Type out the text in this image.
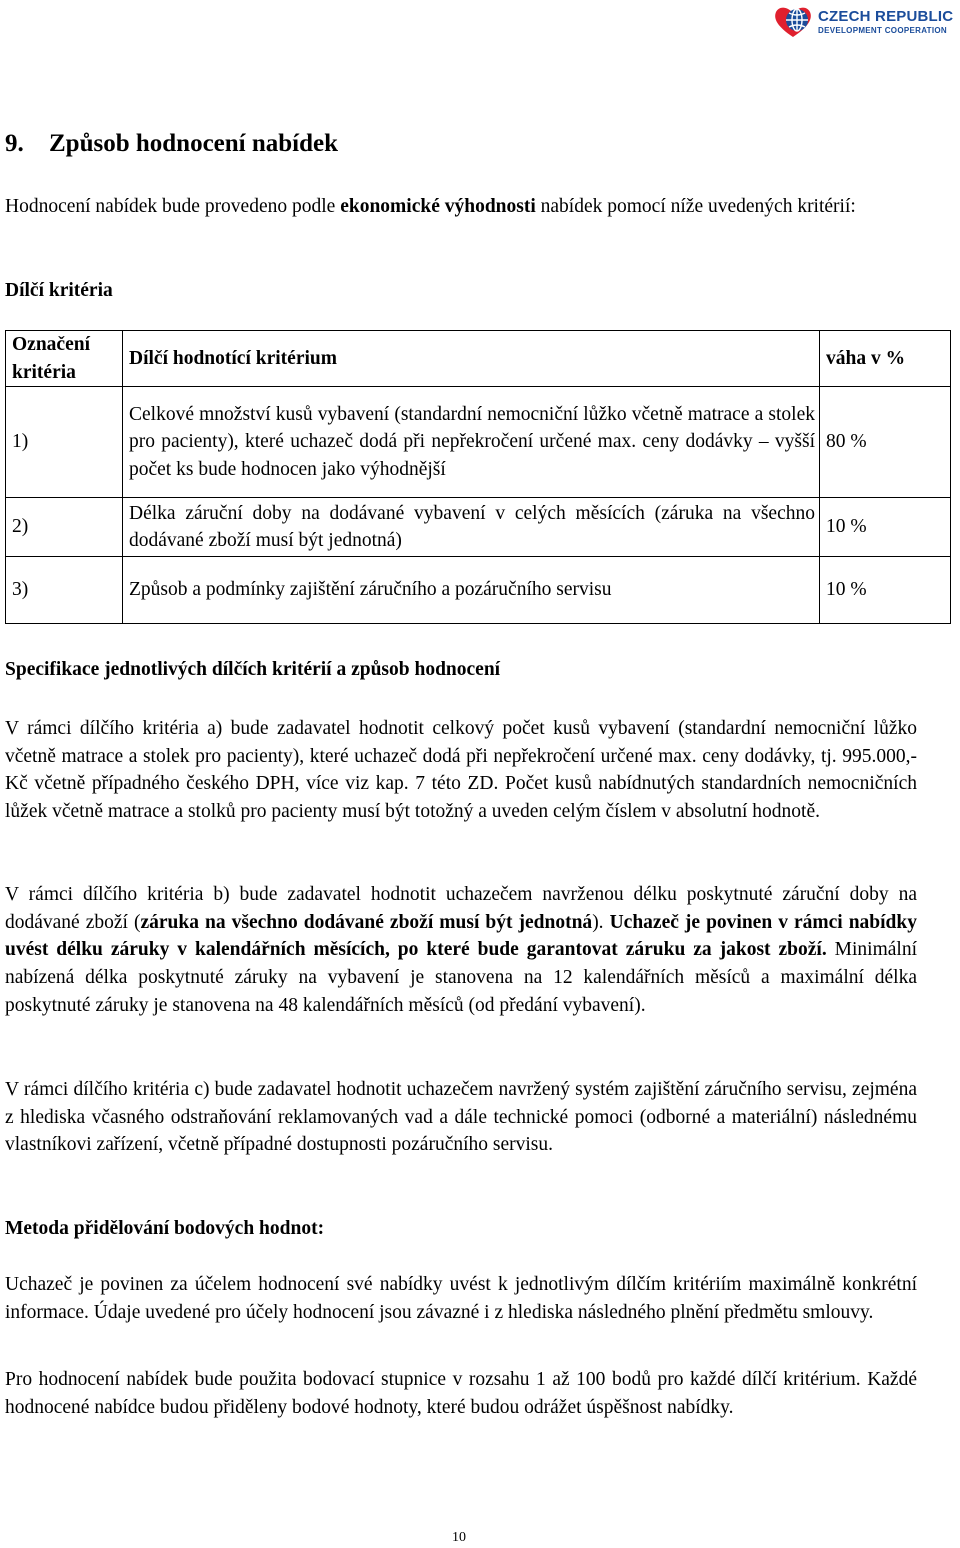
CZECH REPUBLIC
DEVELOPMENT COOPERATION
9. Způsob hodnocení nabídek

Hodnocení nabídek bude provedeno podle ekonomické výhodnosti nabídek pomocí níže uvedených kritérií:

Dílčí kritéria

Označení kritéria	Dílčí hodnotící kritérium	váha v %
1)	Celkové množství kusů vybavení (standardní nemocniční lůžko včetně matrace a stolek pro pacienty), které uchazeč dodá při nepřekročení určené max. ceny dodávky – vyšší počet ks bude hodnocen jako výhodnější	80 %
2)	Délka záruční doby na dodávané vybavení v celých měsících (záruka na všechno dodávané zboží musí být jednotná)	10 %
3)	Způsob a podmínky zajištění záručního a pozáručního servisu	10 %

Specifikace jednotlivých dílčích kritérií a způsob hodnocení

V rámci dílčího kritéria a) bude zadavatel hodnotit celkový počet kusů vybavení (standardní nemocniční lůžko včetně matrace a stolek pro pacienty), které uchazeč dodá při nepřekročení určené max. ceny dodávky, tj. 995.000,- Kč včetně případného českého DPH, více viz kap. 7 této ZD. Počet kusů nabídnutých standardních nemocničních lůžek včetně matrace a stolků pro pacienty musí být totožný a uveden celým číslem v absolutní hodnotě.

V rámci dílčího kritéria b) bude zadavatel hodnotit uchazečem navrženou délku poskytnuté záruční doby na dodávané zboží (záruka na všechno dodávané zboží musí být jednotná). Uchazeč je povinen v rámci nabídky uvést délku záruky v kalendářních měsících, po které bude garantovat záruku za jakost zboží. Minimální nabízená délka poskytnuté záruky na vybavení je stanovena na 12 kalendářních měsíců a maximální délka poskytnuté záruky je stanovena na 48 kalendářních měsíců (od předání vybavení).

V rámci dílčího kritéria c) bude zadavatel hodnotit uchazečem navržený systém zajištění záručního servisu, zejména z hlediska včasného odstraňování reklamovaných vad a dále technické pomoci (odborné a materiální) následnému vlastníkovi zařízení, včetně případné dostupnosti pozáručního servisu.

Metoda přidělování bodových hodnot:

Uchazeč je povinen za účelem hodnocení své nabídky uvést k jednotlivým dílčím kritériím maximálně konkrétní informace. Údaje uvedené pro účely hodnocení jsou závazné i z hlediska následného plnění předmětu smlouvy.

Pro hodnocení nabídek bude použita bodovací stupnice v rozsahu 1 až 100 bodů pro každé dílčí kritérium. Každé hodnocené nabídce budou přiděleny bodové hodnoty, které budou odrážet úspěšnost nabídky.

10
